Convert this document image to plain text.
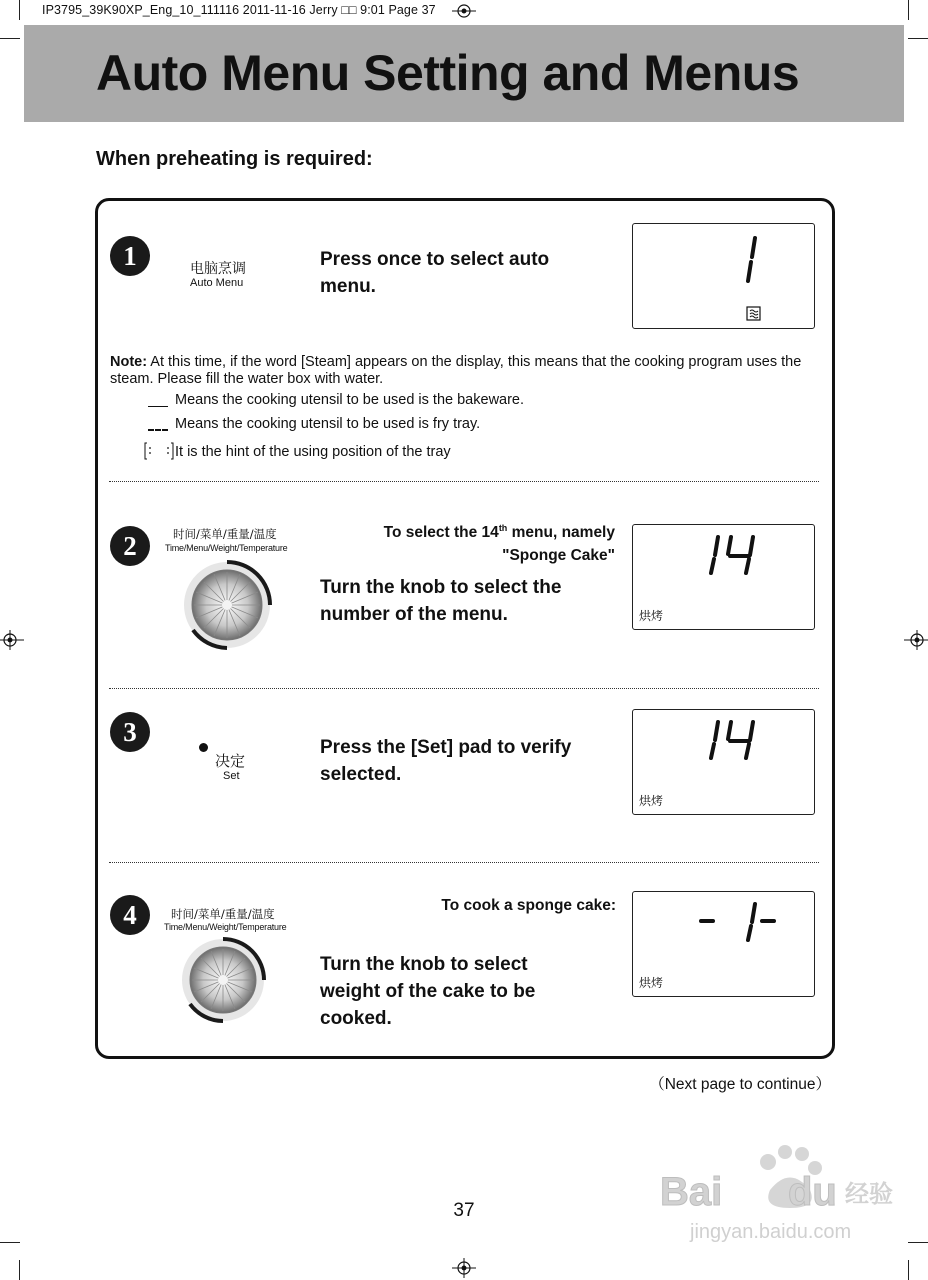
IP3795_39K90XP_Eng_10_111116 2011-11-16 Jerry □□ 9:01 Page 37
Auto Menu Setting and Menus
When preheating is required:
1	电脑烹调
Auto Menu
Press once to select auto menu.
Note: At this time, if the word [Steam] appears on the display, this means that the cooking program uses the steam. Please fill the water box with water.
Means the cooking utensil to be used is the bakeware.
Means the cooking utensil to be used is fry tray.
It is the hint of the using position of the tray
2	时间/菜单/重量/温度
Time/Menu/Weight/Temperature
To select the 14th menu, namely
"Sponge Cake"
Turn the knob to select the number of the menu.	烘烤
3
决定
Set
Press the [Set] pad to verify selected.
烘烤
4	时间/菜单/重量/温度
Time/Menu/Weight/Temperature
To cook a sponge cake:
Turn the knob to select weight of the cake to be cooked.
烘烤
（Next page to continue）
37	Bai du 经验
jingyan.baidu.com
